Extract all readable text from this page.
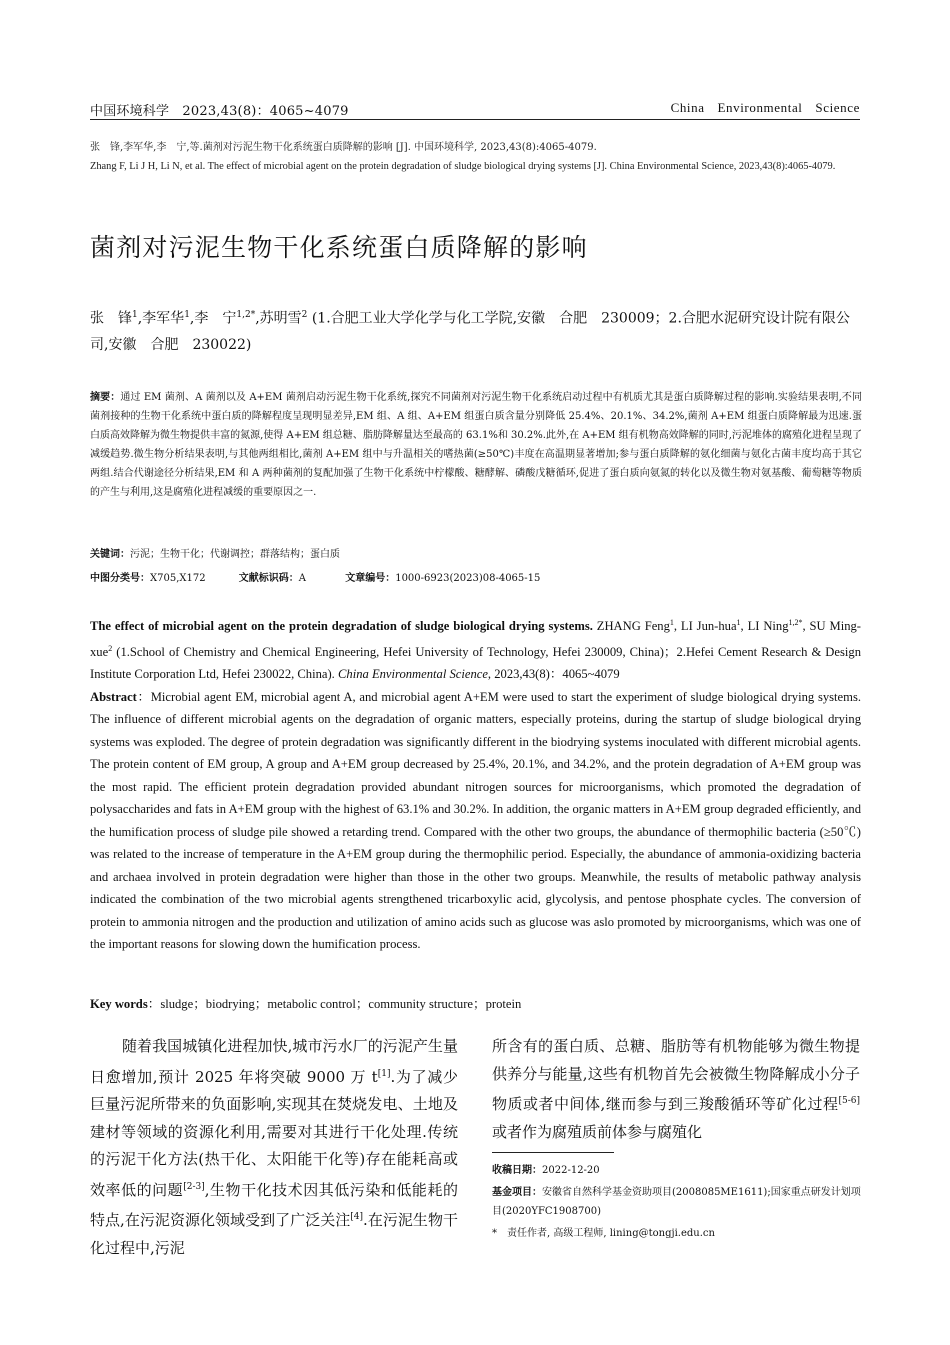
中国环境科学　2023,43(8)：4065~4079	China Environmental Science
张　锋,李军华,李　宁,等.菌剂对污泥生物干化系统蛋白质降解的影响 [J]. 中国环境科学, 2023,43(8):4065-4079.
Zhang F, Li J H, Li N, et al. The effect of microbial agent on the protein degradation of sludge biological drying systems [J]. China Environmental Science, 2023,43(8):4065-4079.
菌剂对污泥生物干化系统蛋白质降解的影响
张　锋$^1$,李军华$^1$,李　宁$^{1,2*}$,苏明雪$^2$ (1.合肥工业大学化学与化工学院,安徽　合肥　230009；2.合肥水泥研究设计院有限公司,安徽　合肥　230022)
摘要：通过 EM 菌剂、A 菌剂以及 A+EM 菌剂启动污泥生物干化系统,探究不同菌剂对污泥生物干化系统启动过程中有机质尤其是蛋白质降解过程的影响.实验结果表明,不同菌剂接种的生物干化系统中蛋白质的降解程度呈现明显差异,EM 组、A 组、A+EM 组蛋白质含量分别降低 25.4%、20.1%、34.2%,菌剂 A+EM 组蛋白质降解最为迅速.蛋白质高效降解为微生物提供丰富的氮源,使得 A+EM 组总糖、脂肪降解量达至最高的 63.1%和 30.2%.此外,在 A+EM 组有机物高效降解的同时,污泥堆体的腐殖化进程呈现了减缓趋势.微生物分析结果表明,与其他两组相比,菌剂 A+EM 组中与升温相关的嗜热菌(≥50℃)丰度在高温期显著增加;参与蛋白质降解的氨化细菌与氨化古菌丰度均高于其它两组.结合代谢途径分析结果,EM 和 A 两种菌剂的复配加强了生物干化系统中柠檬酸、糖酵解、磷酸戊糖循环,促进了蛋白质向氨氮的转化以及微生物对氨基酸、葡萄糖等物质的产生与利用,这是腐殖化进程减缓的重要原因之一.
关键词：污泥；生物干化；代谢调控；群落结构；蛋白质
中图分类号：X705,X172	文献标识码：A	文章编号：1000-6923(2023)08-4065-15
The effect of microbial agent on the protein degradation of sludge biological drying systems. ZHANG Feng$^1$, LI Jun-hua$^1$, LI Ning$^{1,2*}$, SU Ming-xue$^2$ (1.School of Chemistry and Chemical Engineering, Hefei University of Technology, Hefei 230009, China)；2.Hefei Cement Research & Design Institute Corporation Ltd, Hefei 230022, China). China Environmental Science, 2023,43(8)：4065~4079
Abstract：Microbial agent EM, microbial agent A, and microbial agent A+EM were used to start the experiment of sludge biological drying systems. The influence of different microbial agents on the degradation of organic matters, especially proteins, during the startup of sludge biological drying systems was exploded. The degree of protein degradation was significantly different in the biodrying systems inoculated with different microbial agents. The protein content of EM group, A group and A+EM group decreased by 25.4%, 20.1%, and 34.2%, and the protein degradation of A+EM group was the most rapid. The efficient protein degradation provided abundant nitrogen sources for microorganisms, which promoted the degradation of polysaccharides and fats in A+EM group with the highest of 63.1% and 30.2%. In addition, the organic matters in A+EM group degraded efficiently, and the humification process of sludge pile showed a retarding trend. Compared with the other two groups, the abundance of thermophilic bacteria (≥50℃) was related to the increase of temperature in the A+EM group during the thermophilic period. Especially, the abundance of ammonia-oxidizing bacteria and archaea involved in protein degradation were higher than those in the other two groups. Meanwhile, the results of metabolic pathway analysis indicated the combination of the two microbial agents strengthened tricarboxylic acid, glycolysis, and pentose phosphate cycles. The conversion of protein to ammonia nitrogen and the production and utilization of amino acids such as glucose was aslo promoted by microorganisms, which was one of the important reasons for slowing down the humification process.
Key words：sludge；biodrying；metabolic control；community structure；protein
随着我国城镇化进程加快,城市污水厂的污泥产生量日愈增加,预计 2025 年将突破 9000 万 t[1].为了减少巨量污泥所带来的负面影响,实现其在焚烧发电、土地及建材等领域的资源化利用,需要对其进行干化处理.传统的污泥干化方法(热干化、太阳能干化等)存在能耗高或效率低的问题[2-3],生物干化技术因其低污染和低能耗的特点,在污泥资源化领域受到了广泛关注[4].在污泥生物干化过程中,污泥
所含有的蛋白质、总糖、脂肪等有机物能够为微生物提供养分与能量,这些有机物首先会被微生物降解成小分子物质或者中间体,继而参与到三羧酸循环等矿化过程[5-6]或者作为腐殖质前体参与腐殖化
收稿日期：2022-12-20
基金项目：安徽省自然科学基金资助项目(2008085ME1611);国家重点研发计划项目(2020YFC1908700)
*　责任作者, 高级工程师, lining@tongji.edu.cn
